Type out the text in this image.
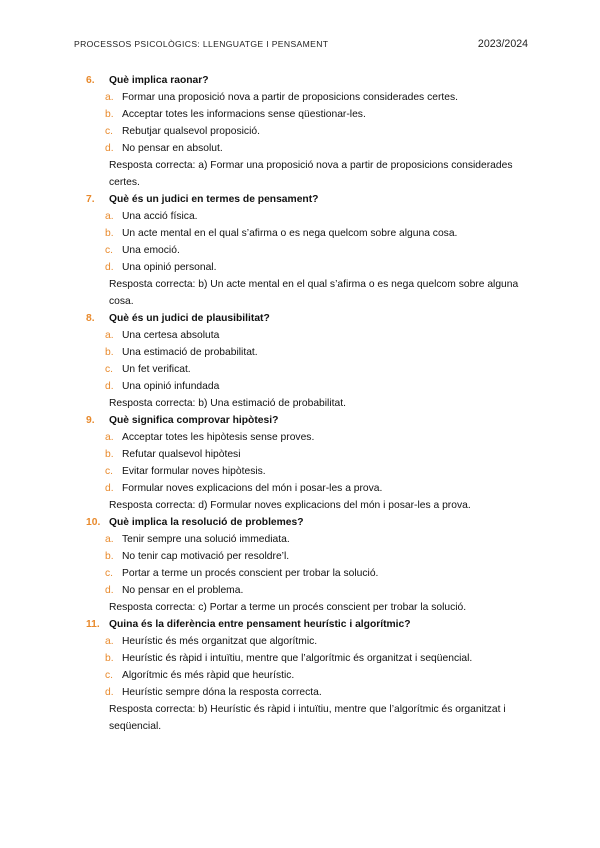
PROCESSOS PSICOLÒGICS: LLENGUATGE I PENSAMENT	2023/2024
6.	Què implica raonar?
a. Formar una proposició nova a partir de proposicions considerades certes.
b. Acceptar totes les informacions sense qüestionar-les.
c. Rebutjar qualsevol proposició.
d. No pensar en absolut.
Resposta correcta: a) Formar una proposició nova a partir de proposicions considerades certes.
7.	Què és un judici en termes de pensament?
a. Una acció física.
b. Un acte mental en el qual s’afirma o es nega quelcom sobre alguna cosa.
c. Una emoció.
d. Una opinió personal.
Resposta correcta: b) Un acte mental en el qual s’afirma o es nega quelcom sobre alguna cosa.
8.	Què és un judici de plausibilitat?
a. Una certesa absoluta
b. Una estimació de probabilitat.
c. Un fet verificat.
d. Una opinió infundada
Resposta correcta: b) Una estimació de probabilitat.
9.	Què significa comprovar hipòtesi?
a. Acceptar totes les hipòtesis sense proves.
b. Refutar qualsevol hipòtesi
c. Evitar formular noves hipòtesis.
d. Formular noves explicacions del món i posar-les a prova.
Resposta correcta: d) Formular noves explicacions del món i posar-les a prova.
10. Què implica la resolució de problemes?
a. Tenir sempre una solució immediata.
b. No tenir cap motivació per resoldre’l.
c. Portar a terme un procés conscient per trobar la solució.
d. No pensar en el problema.
Resposta correcta: c) Portar a terme un procés conscient per trobar la solució.
11. Quina és la diferència entre pensament heurístic i algorítmic?
a. Heurístic és més organitzat que algorítmic.
b. Heurístic és ràpid i intuïtiu, mentre que l’algorítmic és organitzat i seqüencial.
c. Algorítmic és més ràpid que heurístic.
d. Heurístic sempre dóna la resposta correcta.
Resposta correcta: b) Heurístic és ràpid i intuïtiu, mentre que l’algorítmic és organitzat i seqüencial.
